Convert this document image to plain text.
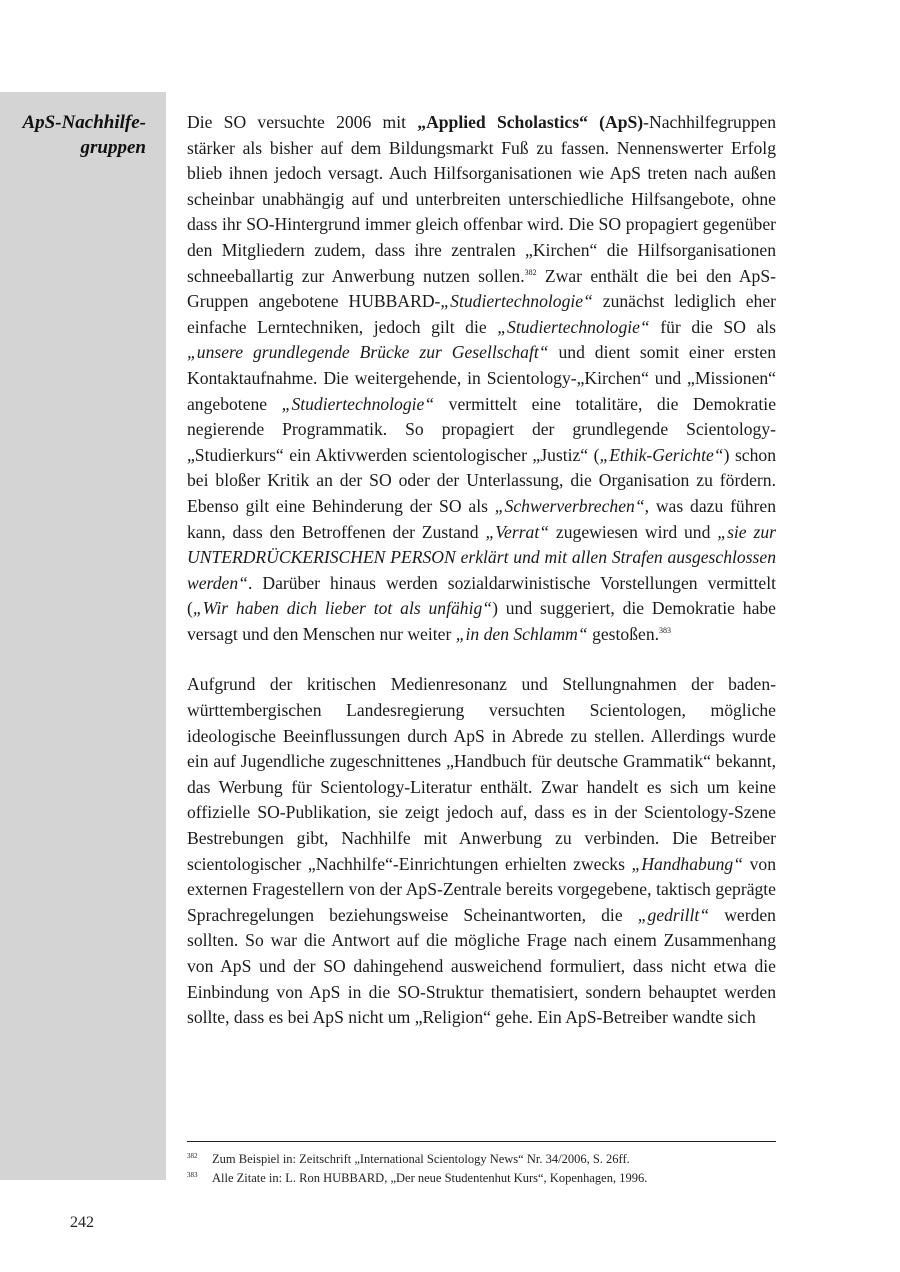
ApS-Nachhilfe-
gruppen

Die SO versuchte 2006 mit „Applied Scholastics“ (ApS)-Nachhilfegruppen stärker als bisher auf dem Bildungsmarkt Fuß zu fassen. Nennenswerter Erfolg blieb ihnen jedoch versagt. Auch Hilfsorganisationen wie ApS treten nach außen scheinbar unabhängig auf und unterbreiten unterschiedliche Hilfsangebote, ohne dass ihr SO-Hintergrund immer gleich offenbar wird. Die SO propagiert gegenüber den Mitgliedern zudem, dass ihre zentralen „Kirchen“ die Hilfsorganisationen schneeballartig zur Anwerbung nutzen sollen.$^{382}$ Zwar enthält die bei den ApS-Gruppen angebotene HUBBARD-„Studiertechnologie“ zunächst lediglich eher einfache Lerntechniken, jedoch gilt die „Studiertechnologie“ für die SO als „unsere grundlegende Brücke zur Gesellschaft“ und dient somit einer ersten Kontaktaufnahme. Die weitergehende, in Scientology-„Kirchen“ und „Missionen“ angebotene „Studiertechnologie“ vermittelt eine totalitäre, die Demokratie negierende Programmatik. So propagiert der grundlegende Scientology-„Studierkurs“ ein Aktivwerden scientologischer „Justiz“ („Ethik-Gerichte“) schon bei bloßer Kritik an der SO oder der Unterlassung, die Organisation zu fördern. Ebenso gilt eine Behinderung der SO als „Schwerverbrechen“, was dazu führen kann, dass den Betroffenen der Zustand „Verrat“ zugewiesen wird und „sie zur UNTERDRÜCKERISCHEN PERSON erklärt und mit allen Strafen ausgeschlossen werden“. Darüber hinaus werden sozialdarwinistische Vorstellungen vermittelt („Wir haben dich lieber tot als unfähig“) und suggeriert, die Demokratie habe versagt und den Menschen nur weiter „in den Schlamm“ gestoßen.$^{383}$

Aufgrund der kritischen Medienresonanz und Stellungnahmen der baden-württembergischen Landesregierung versuchten Scientologen, mögliche ideologische Beeinflussungen durch ApS in Abrede zu stellen. Allerdings wurde ein auf Jugendliche zugeschnittenes „Handbuch für deutsche Grammatik“ bekannt, das Werbung für Scientology-Literatur enthält. Zwar handelt es sich um keine offizielle SO-Publikation, sie zeigt jedoch auf, dass es in der Scientology-Szene Bestrebungen gibt, Nachhilfe mit Anwerbung zu verbinden. Die Betreiber scientologischer „Nachhilfe“-Einrichtungen erhielten zwecks „Handhabung“ von externen Fragestellern von der ApS-Zentrale bereits vorgegebene, taktisch geprägte Sprachregelungen beziehungsweise Scheinantworten, die „gedrillt“ werden sollten. So war die Antwort auf die mögliche Frage nach einem Zusammenhang von ApS und der SO dahingehend ausweichend formuliert, dass nicht etwa die Einbindung von ApS in die SO-Struktur thematisiert, sondern behauptet werden sollte, dass es bei ApS nicht um „Religion“ gehe. Ein ApS-Betreiber wandte sich

382	Zum Beispiel in: Zeitschrift „International Scientology News“ Nr. 34/2006, S. 26ff.
383	Alle Zitate in: L. Ron HUBBARD, „Der neue Studentenhut Kurs“, Kopenhagen, 1996.
242
